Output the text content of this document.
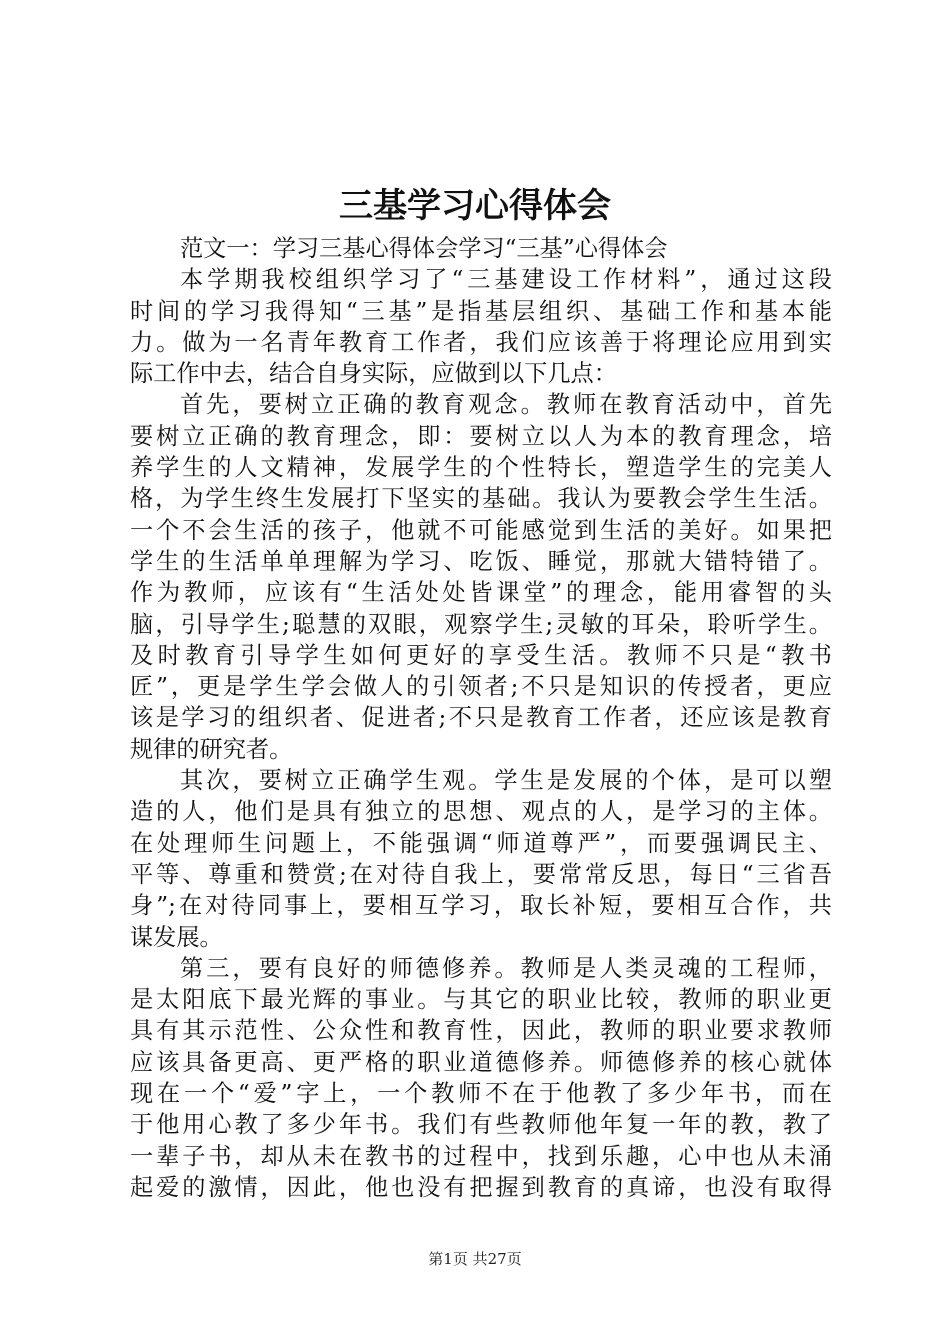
三基学习心得体会
范文一：学习三基心得体会学习“三基”心得体会
本学期我校组织学习了“三基建设工作材料”，通过这段
时间的学习我得知“三基”是指基层组织、基础工作和基本能
力。做为一名青年教育工作者，我们应该善于将理论应用到实
际工作中去，结合自身实际，应做到以下几点：
首先，要树立正确的教育观念。教师在教育活动中，首先
要树立正确的教育理念，即：要树立以人为本的教育理念，培
养学生的人文精神，发展学生的个性特长，塑造学生的完美人
格，为学生终生发展打下坚实的基础。我认为要教会学生生活。
一个不会生活的孩子，他就不可能感觉到生活的美好。如果把
学生的生活单单理解为学习、吃饭、睡觉，那就大错特错了。
作为教师，应该有“生活处处皆课堂”的理念，能用睿智的头
脑，引导学生;聪慧的双眼，观察学生;灵敏的耳朵，聆听学生。
及时教育引导学生如何更好的享受生活。教师不只是“教书
匠”，更是学生学会做人的引领者;不只是知识的传授者，更应
该是学习的组织者、促进者;不只是教育工作者，还应该是教育
规律的研究者。
其次，要树立正确学生观。学生是发展的个体，是可以塑
造的人，他们是具有独立的思想、观点的人，是学习的主体。
在处理师生问题上，不能强调“师道尊严”，而要强调民主、
平等、尊重和赞赏;在对待自我上，要常常反思，每日“三省吾
身”;在对待同事上，要相互学习，取长补短，要相互合作，共
谋发展。
第三，要有良好的师德修养。教师是人类灵魂的工程师，
是太阳底下最光辉的事业。与其它的职业比较，教师的职业更
具有其示范性、公众性和教育性，因此，教师的职业要求教师
应该具备更高、更严格的职业道德修养。师德修养的核心就体
现在一个“爱”字上，一个教师不在于他教了多少年书，而在
于他用心教了多少年书。我们有些教师他年复一年的教，教了
一辈子书，却从未在教书的过程中，找到乐趣，心中也从未涌
起爱的激情，因此，他也没有把握到教育的真谛，也没有取得
第1页 共27页
